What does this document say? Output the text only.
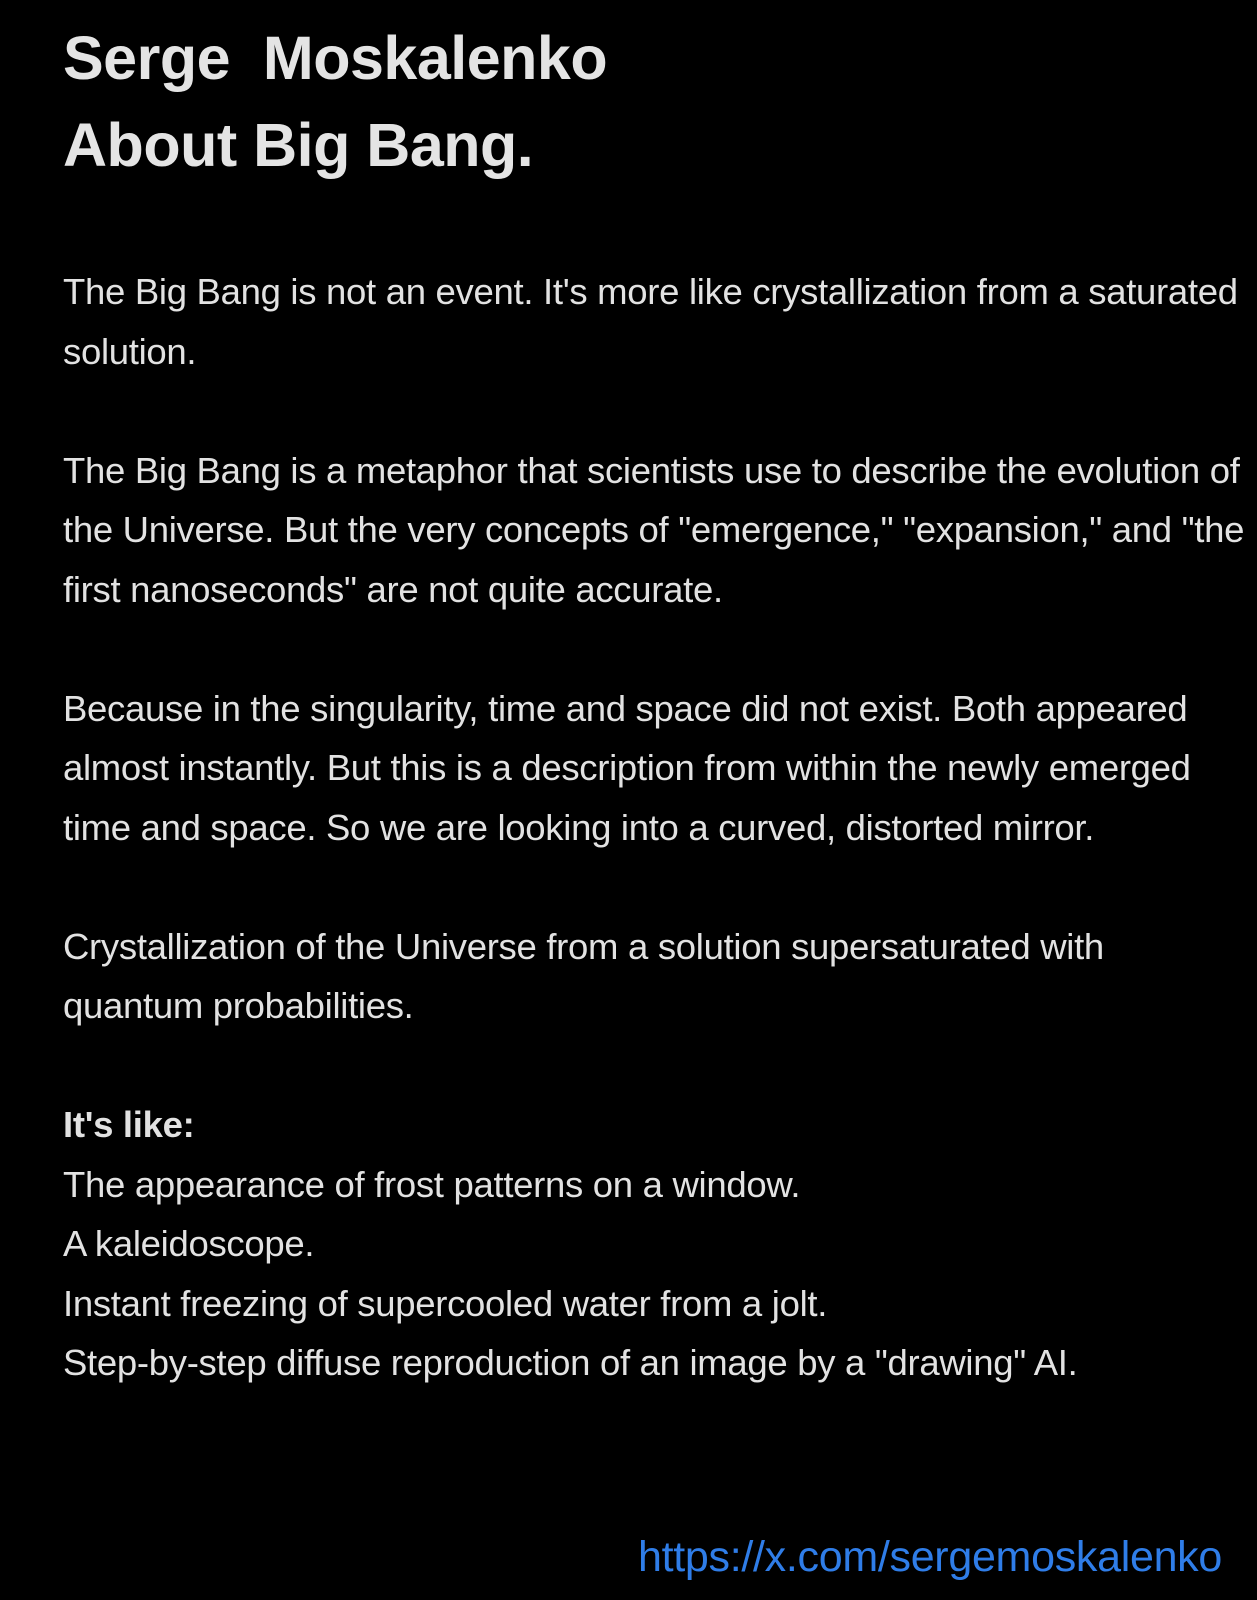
Serge  Moskalenko
About Big Bang.

The Big Bang is not an event. It's more like crystallization from a saturated solution.

The Big Bang is a metaphor that scientists use to describe the evolution of the Universe. But the very concepts of "emergence," "expansion," and "the first nanoseconds" are not quite accurate.

Because in the singularity, time and space did not exist. Both appeared almost instantly. But this is a description from within the newly emerged time and space. So we are looking into a curved, distorted mirror.

Crystallization of the Universe from a solution supersaturated with quantum probabilities.

It's like:

The appearance of frost patterns on a window.

A kaleidoscope.

Instant freezing of supercooled water from a jolt.

Step-by-step diffuse reproduction of an image by a "drawing" AI.

https://x.com/sergemoskalenko
